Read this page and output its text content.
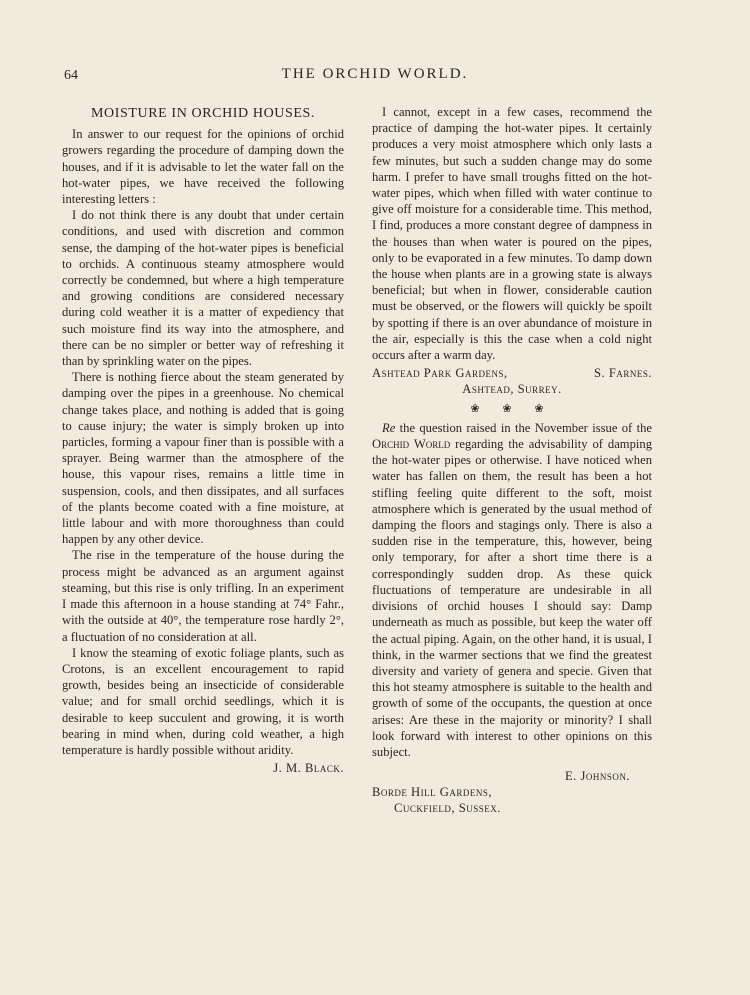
64	THE ORCHID WORLD.
MOISTURE IN ORCHID HOUSES.

In answer to our request for the opinions of orchid growers regarding the procedure of damping down the houses, and if it is advisable to let the water fall on the hot-water pipes, we have received the following interesting letters :

I do not think there is any doubt that under certain conditions, and used with discretion and common sense, the damping of the hot-water pipes is beneficial to orchids. A continuous steamy atmosphere would correctly be condemned, but where a high temperature and growing conditions are considered necessary during cold weather it is a matter of expediency that such moisture find its way into the atmosphere, and there can be no simpler or better way of refreshing it than by sprinkling water on the pipes.

There is nothing fierce about the steam generated by damping over the pipes in a greenhouse. No chemical change takes place, and nothing is added that is going to cause injury; the water is simply broken up into particles, forming a vapour finer than is possible with a sprayer. Being warmer than the atmosphere of the house, this vapour rises, remains a little time in suspension, cools, and then dissipates, and all surfaces of the plants become coated with a fine moisture, at little labour and with more thoroughness than could happen by any other device.

The rise in the temperature of the house during the process might be advanced as an argument against steaming, but this rise is only trifling. In an experiment I made this afternoon in a house standing at 74° Fahr., with the outside at 40°, the temperature rose hardly 2°, a fluctuation of no consideration at all.

I know the steaming of exotic foliage plants, such as Crotons, is an excellent encouragement to rapid growth, besides being an insecticide of considerable value; and for small orchid seedlings, which it is desirable to keep succulent and growing, it is worth bearing in mind when, during cold weather, a high temperature is hardly possible without aridity.

J. M. Black.

I cannot, except in a few cases, recommend the practice of damping the hot-water pipes. It certainly produces a very moist atmosphere which only lasts a few minutes, but such a sudden change may do some harm. I prefer to have small troughs fitted on the hot-water pipes, which when filled with water continue to give off moisture for a considerable time. This method, I find, produces a more constant degree of dampness in the houses than when water is poured on the pipes, only to be evaporated in a few minutes. To damp down the house when plants are in a growing state is always beneficial; but when in flower, considerable caution must be observed, or the flowers will quickly be spoilt by spotting if there is an over abundance of moisture in the air, especially is this the case when a cold night occurs after a warm day.

Ashtead Park Gardens,	S. Farnes.
Ashtead, Surrey.
❀ ❀ ❀

Re the question raised in the November issue of the Orchid World regarding the advisability of damping the hot-water pipes or otherwise. I have noticed when water has fallen on them, the result has been a hot stifling feeling quite different to the soft, moist atmosphere which is generated by the usual method of damping the floors and stagings only. There is also a sudden rise in the temperature, this, however, being only temporary, for after a short time there is a correspondingly sudden drop. As these quick fluctuations of temperature are undesirable in all divisions of orchid houses I should say: Damp underneath as much as possible, but keep the water off the actual piping. Again, on the other hand, it is usual, I think, in the warmer sections that we find the greatest diversity and variety of genera and specie. Given that this hot steamy atmosphere is suitable to the health and growth of some of the occupants, the question at once arises: Are these in the majority or minority? I shall look forward with interest to other opinions on this subject.

E. Johnson.
Borde Hill Gardens,
Cuckfield, Sussex.
